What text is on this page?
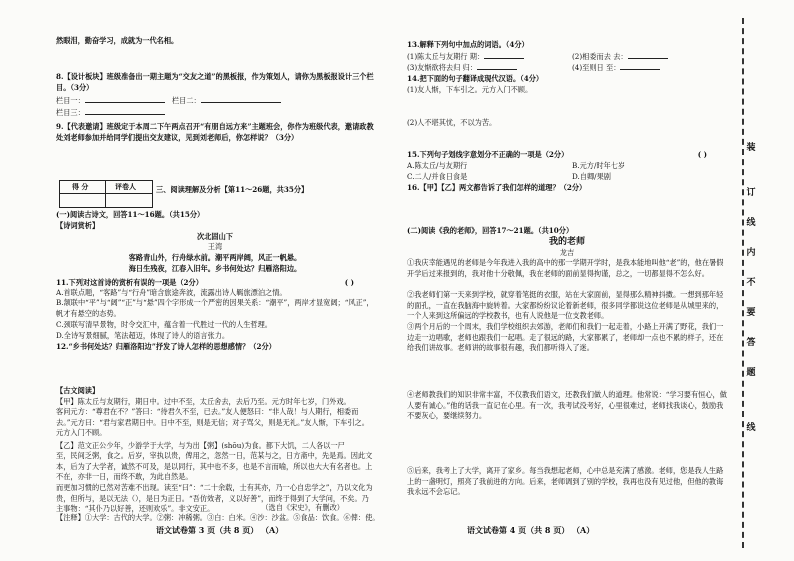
然眼泪，勤奋学习，成就为一代名相。
8.【设计板块】班级准备出一期主题为“交友之道”的黑板报，作为策划人，请你为黑板报设计三个栏目。（3分）
栏目一：　	栏目二：
栏目三：
9.【代表邀请】班级定于本周二下午两点召开“有朋自远方来”主题班会，你作为班级代表，邀请政教处刘老师参加并给同学们提出交友建议，见到刘老师后，你怎样说？（3分）
得 分	评卷人	三、阅读理解及分析【第11～26题，共35分】
(一)阅读古诗文，回答11～16题。（共15分）
【诗词赏析】
次北固山下
王湾
客路青山外，行舟绿水前。潮平两岸阔，风正一帆悬。
海日生残夜，江春入旧年。乡书何处达？归雁洛阳边。
11.下列对这首诗的赏析有误的一项是（2分）	( )
A.首联点题，“客路”与“行舟”暗含旅途奔波，流露出诗人羁旅漂泊之情。
B.颔联中“平”与“阔”“正”与“悬”四个字形成一个严密的因果关系：“潮平”，两岸才显宽阔；“风正”，帆才有悬空的态势。
C.颈联写清早景物，时令交汇中，蕴含着一代胜过一代的人生哲理。
D.全诗写景细腻，笔法超迈，体现了诗人的语言张力。
12.“乡书何处达？归雁洛阳边”抒发了诗人怎样的思想感情？（2分）
【古文阅读】
【甲】陈太丘与友期行，期日中。过中不至，太丘舍去，去后乃至。元方时年七岁，门外戏。
客问元方：“尊君在不？”答曰：“待君久不至，已去。”友人便怒曰：“非人哉！与人期行，相委而去。”元方曰：“君与家君期日中。日中不至，则是无信；对子骂父，则是无礼。”友人惭，下车引之。元方入门不顾。
【乙】范文正公少年，少游学于大学，与为出【粥】(shōu)为食。都下大饥，二人各以一尸
至，民间乏粥，食之。后岁，宰执以贵，俾用之，忽然一日，范某与之，日方斋中，先是焉。因此文本，后为了大学者，诚然不可及，是以同行，其中也不多，也是不言而喻，所以也大大有名者也。上不在，亦非一日，而终不敢，为此自然是。
而更加习惯的已然对苦难不出现。读至“曰”：“二十余载，士有其亦，乃一心自忠学之”，乃以文化为贵，但所与，是以无法（），是日为正日。“吾仿效者，义以好善”，而终于得到了大学问，不矣。乃主事物：“其仆乃以好善，还则欢乐”。非文安正。	（选自《宋史》，有删改）
【注释】①大学：古代的大学。②粥：冲稀粥。③白：白米。④沙：沙盆。⑤食品：饮食。⑥俾：使。
语文试卷第 3 页（共 8 页） （A）
13.解释下列句中加点的词语。（4分）
(1)陈太丘与友期行 期：	(2)相委而去 去：
(3)友惭欲将去归 归：	(4)至则日 至：
14.把下面的句子翻译成现代汉语。（4分）
(1)友人惭，下车引之。元方入门不顾。
(2)人不堪其忧，不以为苦。
15.下列句子划线字意划分不正确的一项是（2分）	( )
A.陈太丘/与友期行	B.元方/时年七岁
C.二人/并食日食是	D.自卿/果剧
16.【甲】【乙】两文都告诉了我们怎样的道理？（2分）
(二)阅读《我的老师》，回答17～21题。（共10分）
我的老师
龙吉
①我庆幸能遇见的老师是今年我进入我的高中的那一学期开学时，是我本能地叫他“老”的，他在暑假开学后过来报到的，我对他十分敬佩，我在老师的面前显得拘谨，总之，一切都显得不怎么好。
②我老师们第一天来到学校，就穿着笔挺的衣服，站在大家面前，显得那么精神抖擞。一想到那年轻的面孔，一直在我脑海中旋转着。大家都纷纷议论着新老师，很多同学都说这位老师是从城里来的，一个人来到这所偏远的学校教书，也有人说他是一位支教老师。
③两个月后的一个周末，我们学校组织去郊游，老师们和我们一起走着，小路上开满了野花，我们一边走一边唱歌，老师也跟我们一起唱。走了很远的路，大家都累了，老师却一点也不累的样子，还在给我们讲故事。老师讲的故事很有趣，我们都听得入了迷。
④老师教我们的知识非常丰富，不仅教我们语文，还教我们做人的道理。他常说：“学习要有恒心，做人要有诚心。”他的话我一直记在心里。有一次，我考试没考好，心里很难过，老师找我谈心，鼓励我不要灰心，要继续努力。
⑤后来，我考上了大学，离开了家乡。每当我想起老师，心中总是充满了感激。老师，您是我人生路上的一盏明灯，照亮了我前进的方向。后来，老师调到了别的学校，我再也没有见过他，但他的教诲我永远不会忘记。
语文试卷第 4 页（共 8 页） （A）
装
订
线
内
不
要
答
题
线
